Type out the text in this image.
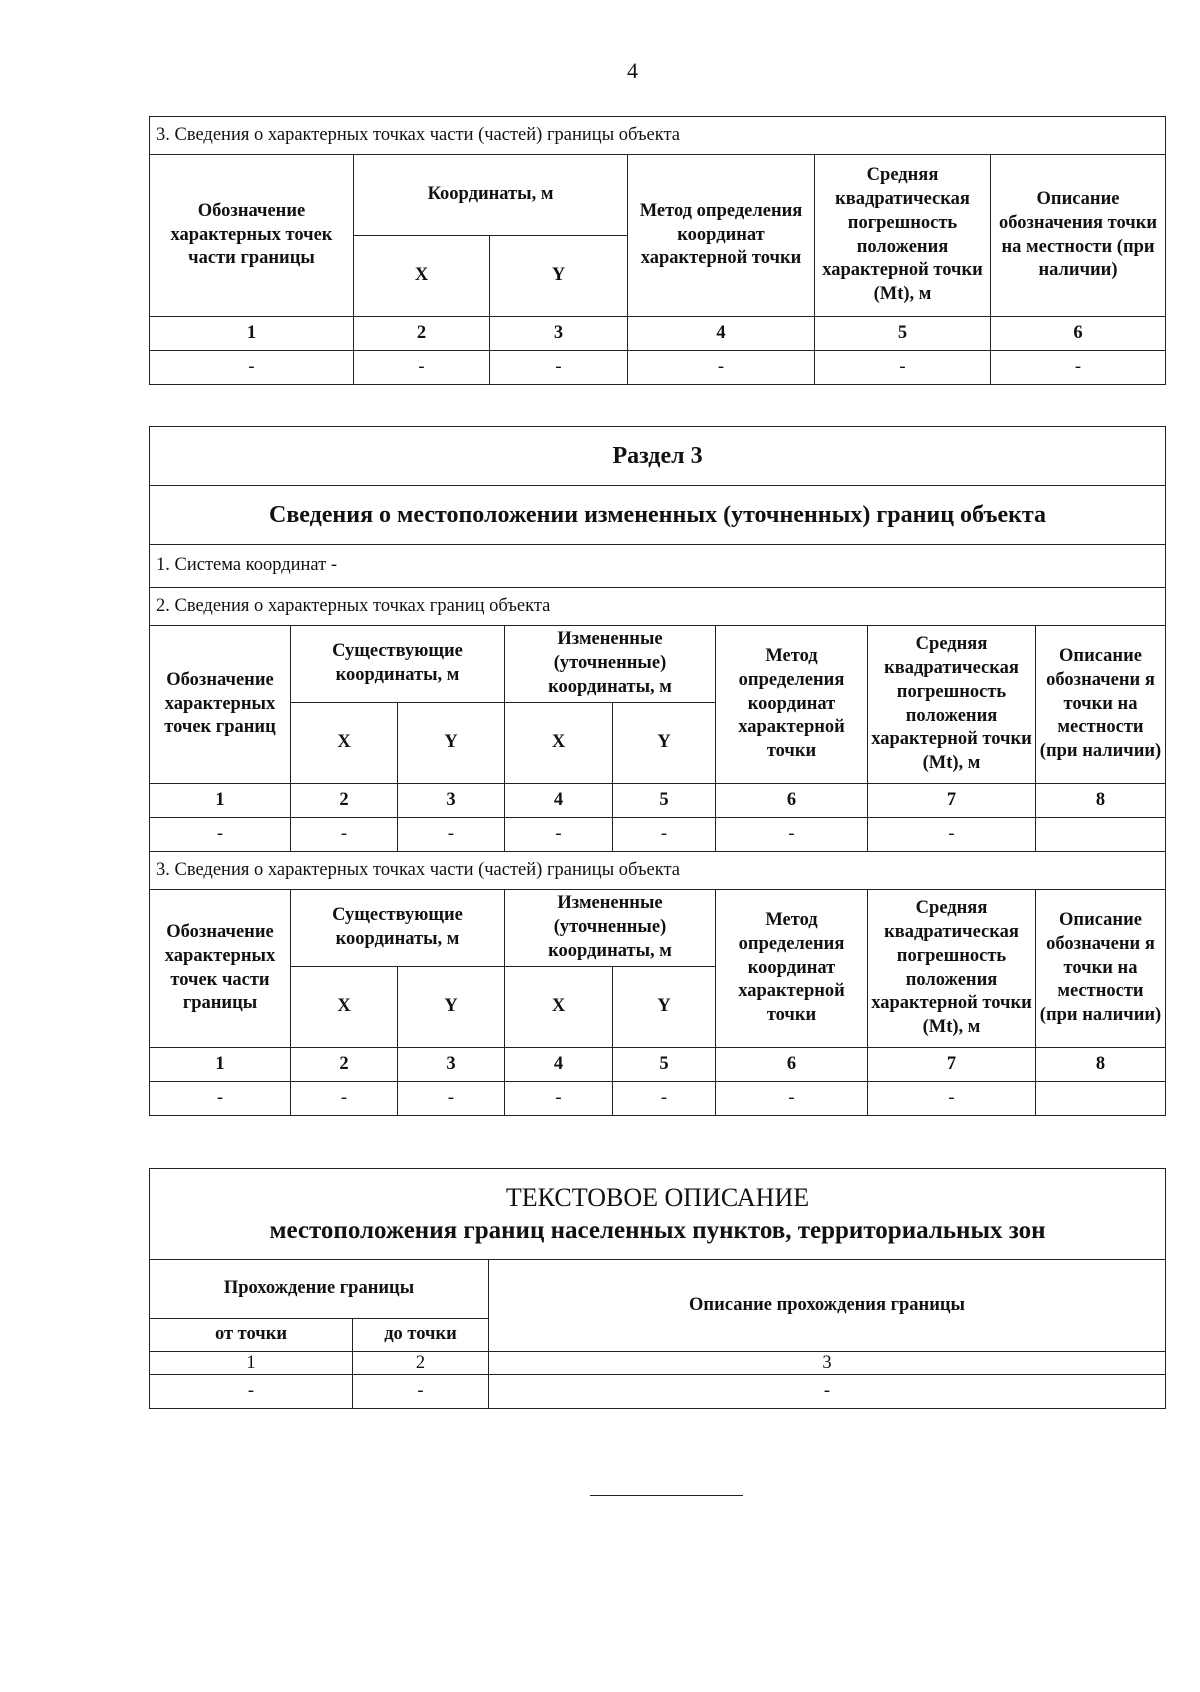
4
3. Сведения о характерных точках части (частей) границы объекта					
Обозначение характерных точек части границы	Координаты, м		Метод определения координат характерной точки	Средняя квадратическая погрешность положения характерной точки (Mt), м	Описание обозначения точки на местности (при наличии)
	X	Y			
1	2	3	4	5	6
-	-	-	-	-	-
Раздел 3							
Сведения о местоположении измененных (уточненных) границ объекта							
1. Система координат -							
2. Сведения о характерных точках границ объекта							
Обозначение характерных точек границ	Существующие координаты, м		Измененные (уточненные) координаты, м		Метод определения координат характерной точки	Средняя квадратическая погрешность положения характерной точки (Mt), м	Описание обозначени я точки на местности (при наличии)
	X	Y	X	Y			
1	2	3	4	5	6	7	8
-	-	-	-	-	-	-	
3. Сведения о характерных точках части (частей) границы объекта							
Обозначение характерных точек части границы	Существующие координаты, м		Измененные (уточненные) координаты, м		Метод определения координат характерной точки	Средняя квадратическая погрешность положения характерной точки (Mt), м	Описание обозначени я точки на местности (при наличии)
	X	Y	X	Y			
1	2	3	4	5	6	7	8
-	-	-	-	-	-	-	
ТЕКСТОВОЕ ОПИСАНИЕ
местоположения границ населенных пунктов, территориальных зон		

Прохождение границы		Описание прохождения границы
от точки	до точки	
1	2	3
-	-	-
